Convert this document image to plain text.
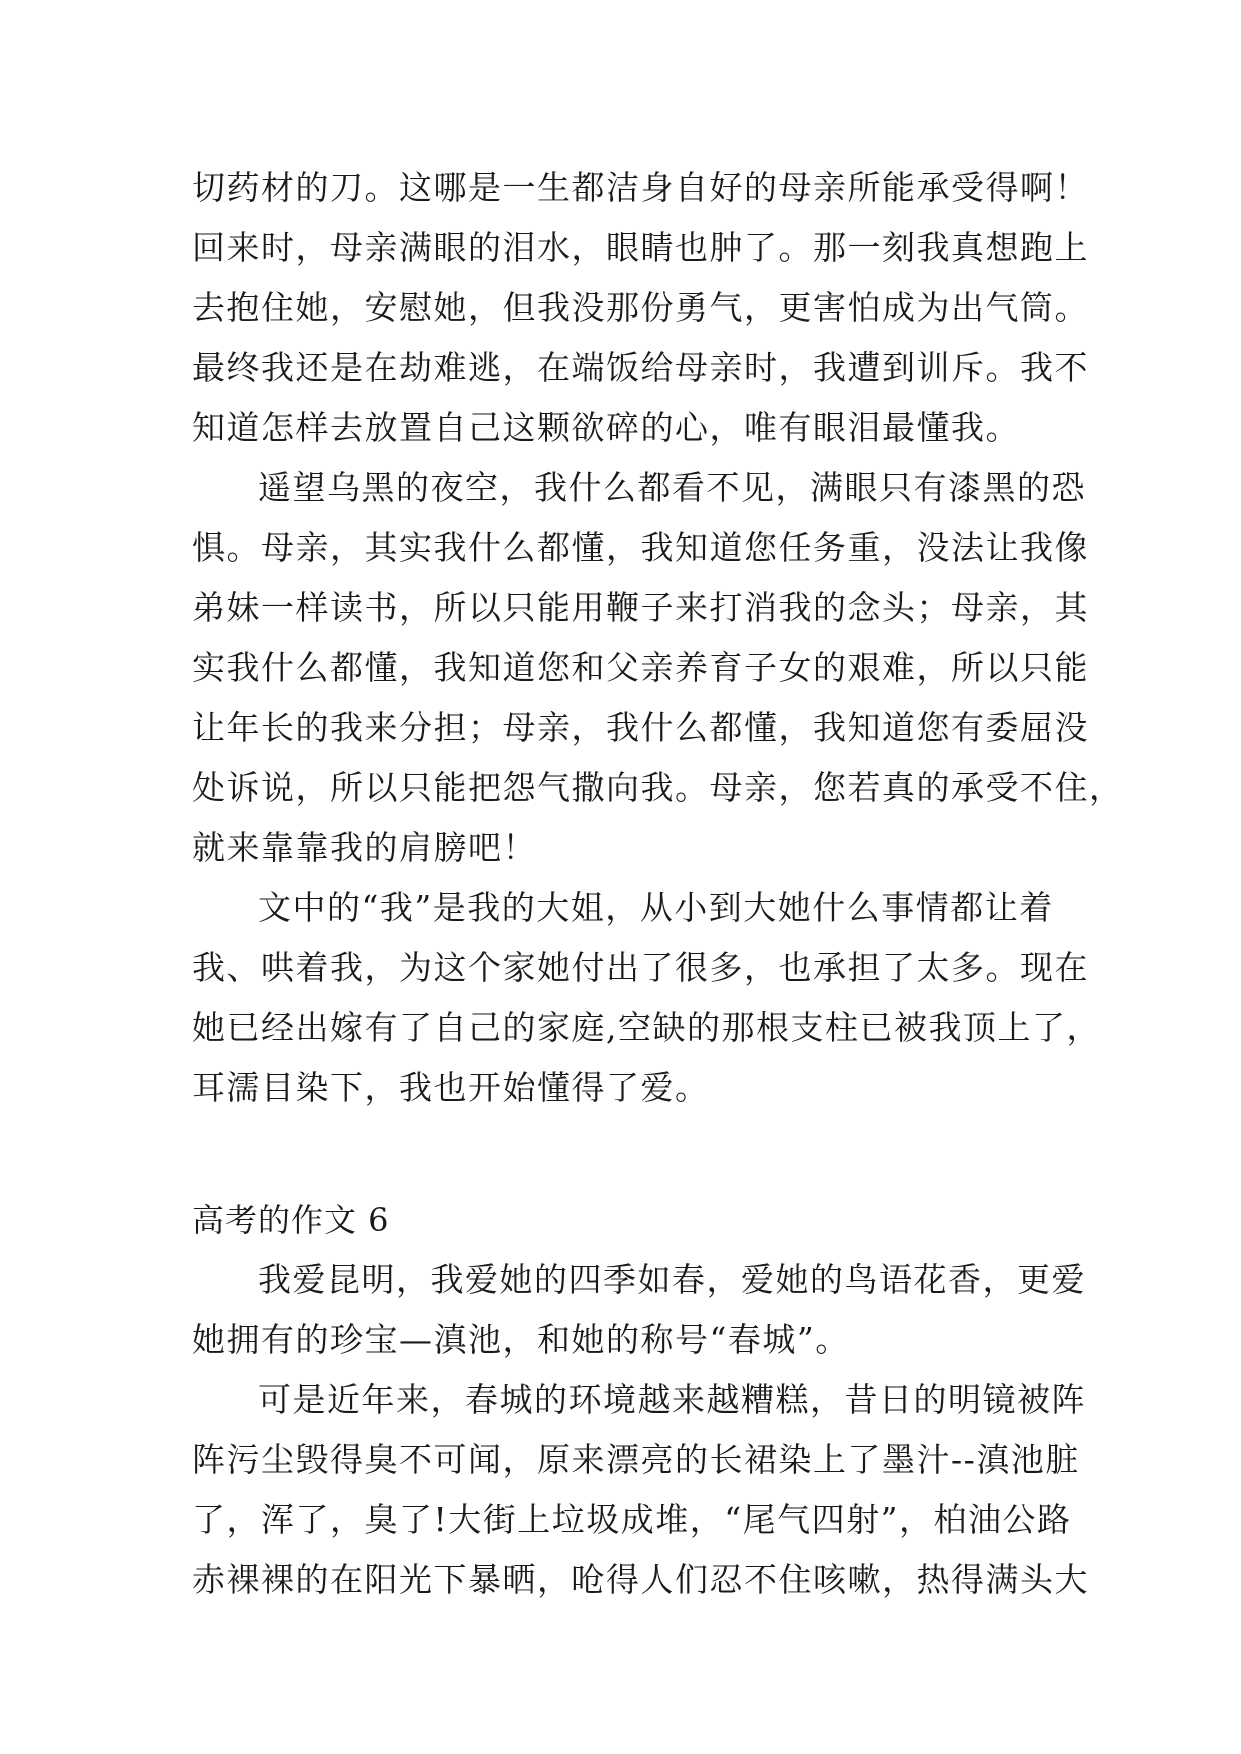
切药材的刀。这哪是一生都洁身自好的母亲所能承受得啊！
回来时，母亲满眼的泪水，眼睛也肿了。那一刻我真想跑上
去抱住她，安慰她，但我没那份勇气，更害怕成为出气筒。
最终我还是在劫难逃，在端饭给母亲时，我遭到训斥。我不
知道怎样去放置自己这颗欲碎的心，唯有眼泪最懂我。
遥望乌黑的夜空，我什么都看不见，满眼只有漆黑的恐
惧。母亲，其实我什么都懂，我知道您任务重，没法让我像
弟妹一样读书，所以只能用鞭子来打消我的念头；母亲，其
实我什么都懂，我知道您和父亲养育子女的艰难，所以只能
让年长的我来分担；母亲，我什么都懂，我知道您有委屈没
处诉说，所以只能把怨气撒向我。母亲，您若真的承受不住，
就来靠靠我的肩膀吧！
文中的“我”是我的大姐，从小到大她什么事情都让着
我、哄着我，为这个家她付出了很多，也承担了太多。现在
她已经出嫁有了自己的家庭,空缺的那根支柱已被我顶上了，
耳濡目染下，我也开始懂得了爱。
高考的作文 6
我爱昆明，我爱她的四季如春，爱她的鸟语花香，更爱
她拥有的珍宝—滇池，和她的称号“春城”。
可是近年来，春城的环境越来越糟糕，昔日的明镜被阵
阵污尘毁得臭不可闻，原来漂亮的长裙染上了墨汁--滇池脏
了，浑了，臭了!大街上垃圾成堆，“尾气四射”，柏油公路
赤裸裸的在阳光下暴晒，呛得人们忍不住咳嗽，热得满头大
